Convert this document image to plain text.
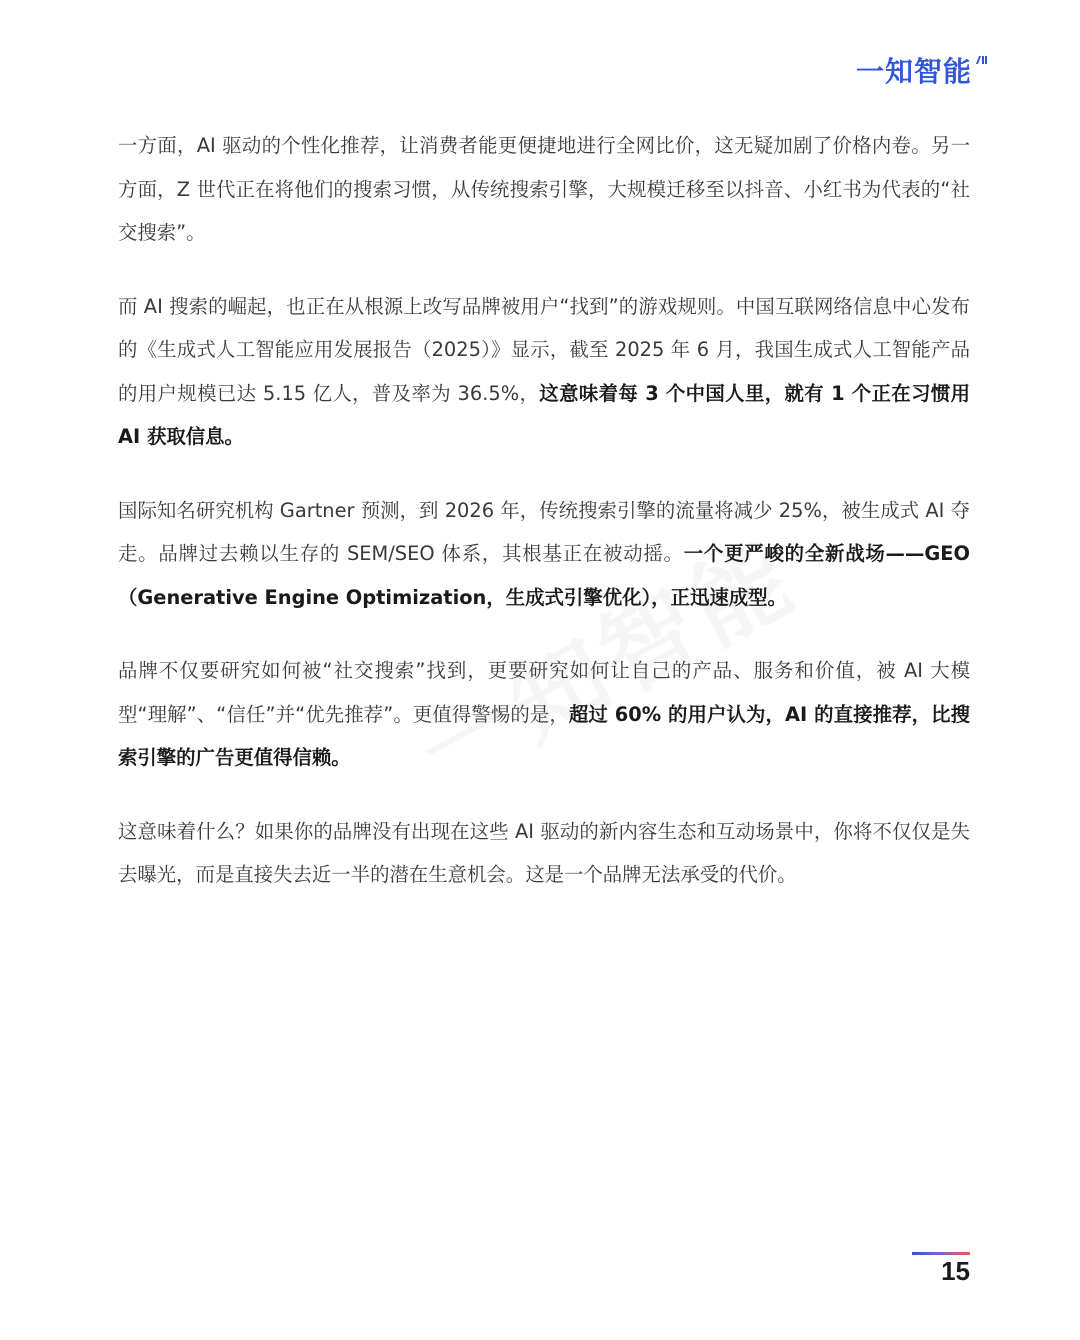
一知智能

一方面，AI 驱动的个性化推荐，让消费者能更便捷地进行全网比价，这无疑加剧了价格内卷。另一方面，Z 世代正在将他们的搜索习惯，从传统搜索引擎，大规模迁移至以抖音、小红书为代表的“社交搜索”。

而 AI 搜索的崛起，也正在从根源上改写品牌被用户“找到”的游戏规则。中国互联网络信息中心发布的《生成式人工智能应用发展报告（2025）》显示，截至 2025 年 6 月，我国生成式人工智能产品的用户规模已达 5.15 亿人，普及率为 36.5%，这意味着每 3 个中国人里，就有 1 个正在习惯用 AI 获取信息。

国际知名研究机构 Gartner 预测，到 2026 年，传统搜索引擎的流量将减少 25%，被生成式 AI 夺走。品牌过去赖以生存的 SEM/SEO 体系，其根基正在被动摇。一个更严峻的全新战场——GEO（Generative Engine Optimization，生成式引擎优化），正迅速成型。

品牌不仅要研究如何被“社交搜索”找到，更要研究如何让自己的产品、服务和价值，被 AI 大模型“理解”、“信任”并“优先推荐”。更值得警惕的是，超过 60% 的用户认为，AI 的直接推荐，比搜索引擎的广告更值得信赖。

这意味着什么？如果你的品牌没有出现在这些 AI 驱动的新内容生态和互动场景中，你将不仅仅是失去曝光，而是直接失去近一半的潜在生意机会。这是一个品牌无法承受的代价。

15
